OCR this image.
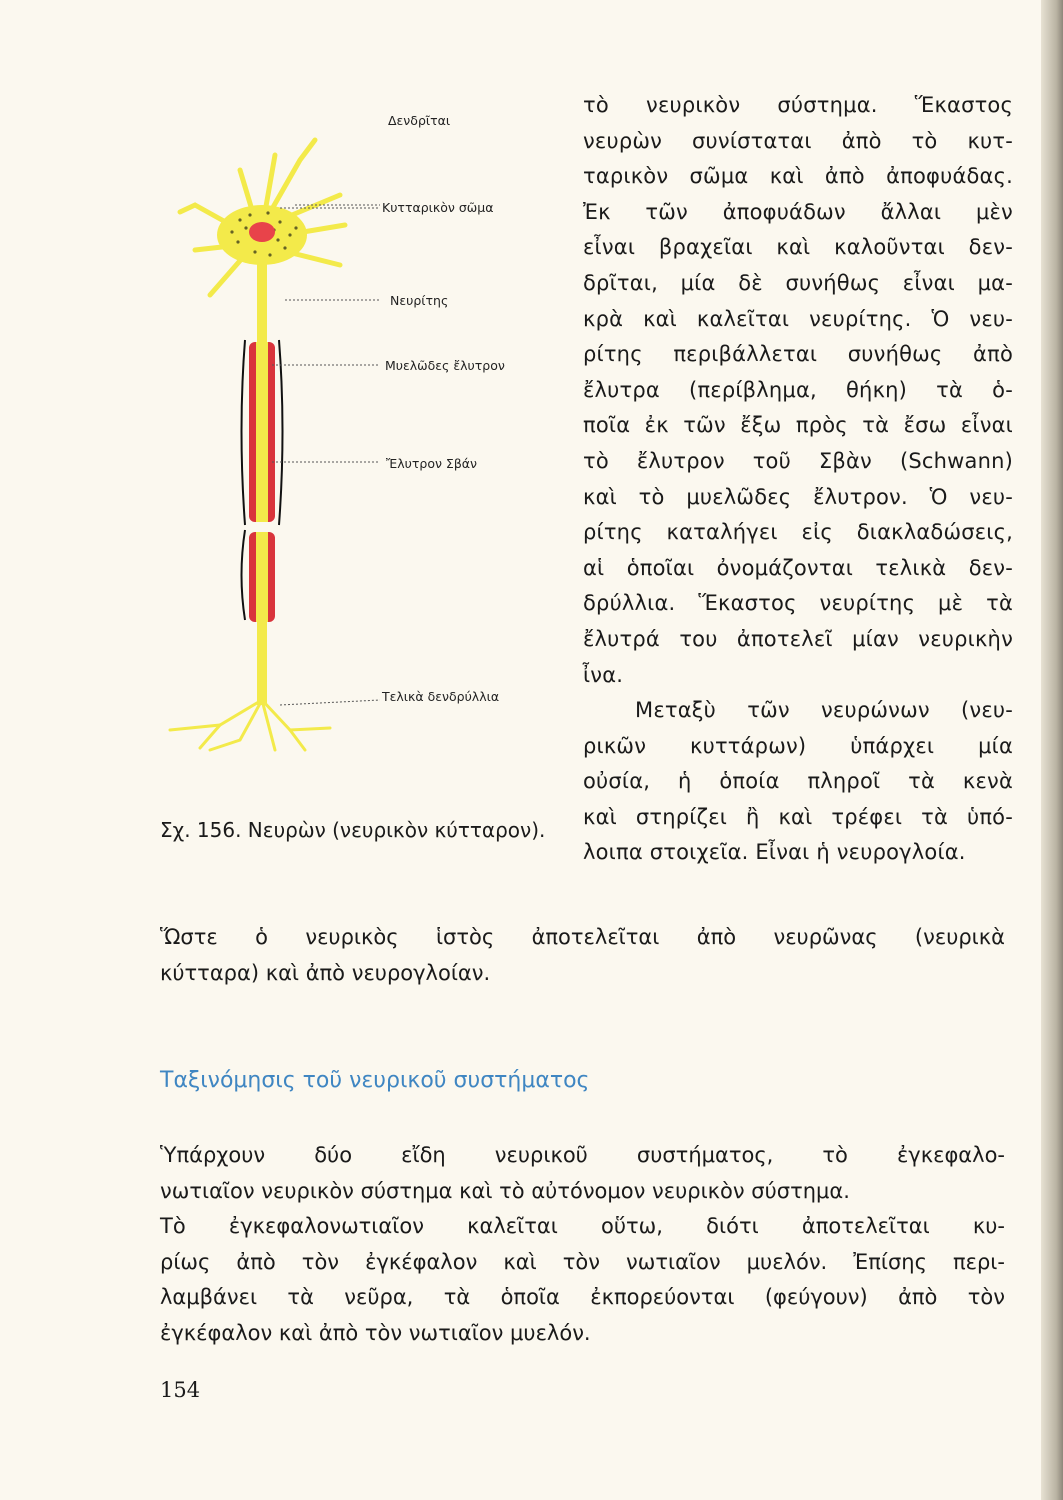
Δενδρῖται
Κυτταρικὸν σῶμα
Νευρίτης
Μυελῶδες ἔλυτρον
Ἔλυτρον Σβάν
Τελικὰ δενδρύλλια
Σχ. 156. Νευρὼν (νευρικὸν κύτταρον).
τὸ νευρικὸν σύστημα. Ἕκαστος
νευρὼν συνίσταται ἀπὸ τὸ κυτ-
ταρικὸν σῶμα καὶ ἀπὸ ἀποφυάδας.
Ἐκ τῶν ἀποφυάδων ἄλλαι μὲν
εἶναι βραχεῖαι καὶ καλοῦνται δεν-
δρῖται, μία δὲ συνήθως εἶναι μα-
κρὰ καὶ καλεῖται νευρίτης. Ὁ νευ-
ρίτης περιβάλλεται συνήθως ἀπὸ
ἔλυτρα (περίβλημα, θήκη) τὰ ὁ-
ποῖα ἐκ τῶν ἔξω πρὸς τὰ ἔσω εἶναι
τὸ ἔλυτρον τοῦ Σβὰν (Schwann)
καὶ τὸ μυελῶδες ἔλυτρον. Ὁ νευ-
ρίτης καταλήγει εἰς διακλαδώσεις,
αἱ ὁποῖαι ὀνομάζονται τελικὰ δεν-
δρύλλια. Ἕκαστος νευρίτης μὲ τὰ
ἔλυτρά του ἀποτελεῖ μίαν νευρικὴν
ἶνα.
Μεταξὺ τῶν νευρώνων (νευ-
ρικῶν κυττάρων) ὑπάρχει μία
οὐσία, ἡ ὁποία πληροῖ τὰ κενὰ
καὶ στηρίζει ἢ καὶ τρέφει τὰ ὑπό-
λοιπα στοιχεῖα. Εἶναι ἡ νευρογλοία.
Ὥστε ὁ νευρικὸς ἱστὸς ἀποτελεῖται ἀπὸ νευρῶνας (νευρικὰ
κύτταρα) καὶ ἀπὸ νευρογλοίαν.
Ταξινόμησις τοῦ νευρικοῦ συστήματος
Ὑπάρχουν δύο εἴδη νευρικοῦ συστήματος, τὸ ἐγκεφαλο-
νωτιαῖον νευρικὸν σύστημα καὶ τὸ αὐτόνομον νευρικὸν σύστημα.
Τὸ ἐγκεφαλονωτιαῖον καλεῖται οὕτω, διότι ἀποτελεῖται κυ-
ρίως ἀπὸ τὸν ἐγκέφαλον καὶ τὸν νωτιαῖον μυελόν. Ἐπίσης περι-
λαμβάνει τὰ νεῦρα, τὰ ὁποῖα ἐκπορεύονται (φεύγουν) ἀπὸ τὸν
ἐγκέφαλον καὶ ἀπὸ τὸν νωτιαῖον μυελόν.
154
